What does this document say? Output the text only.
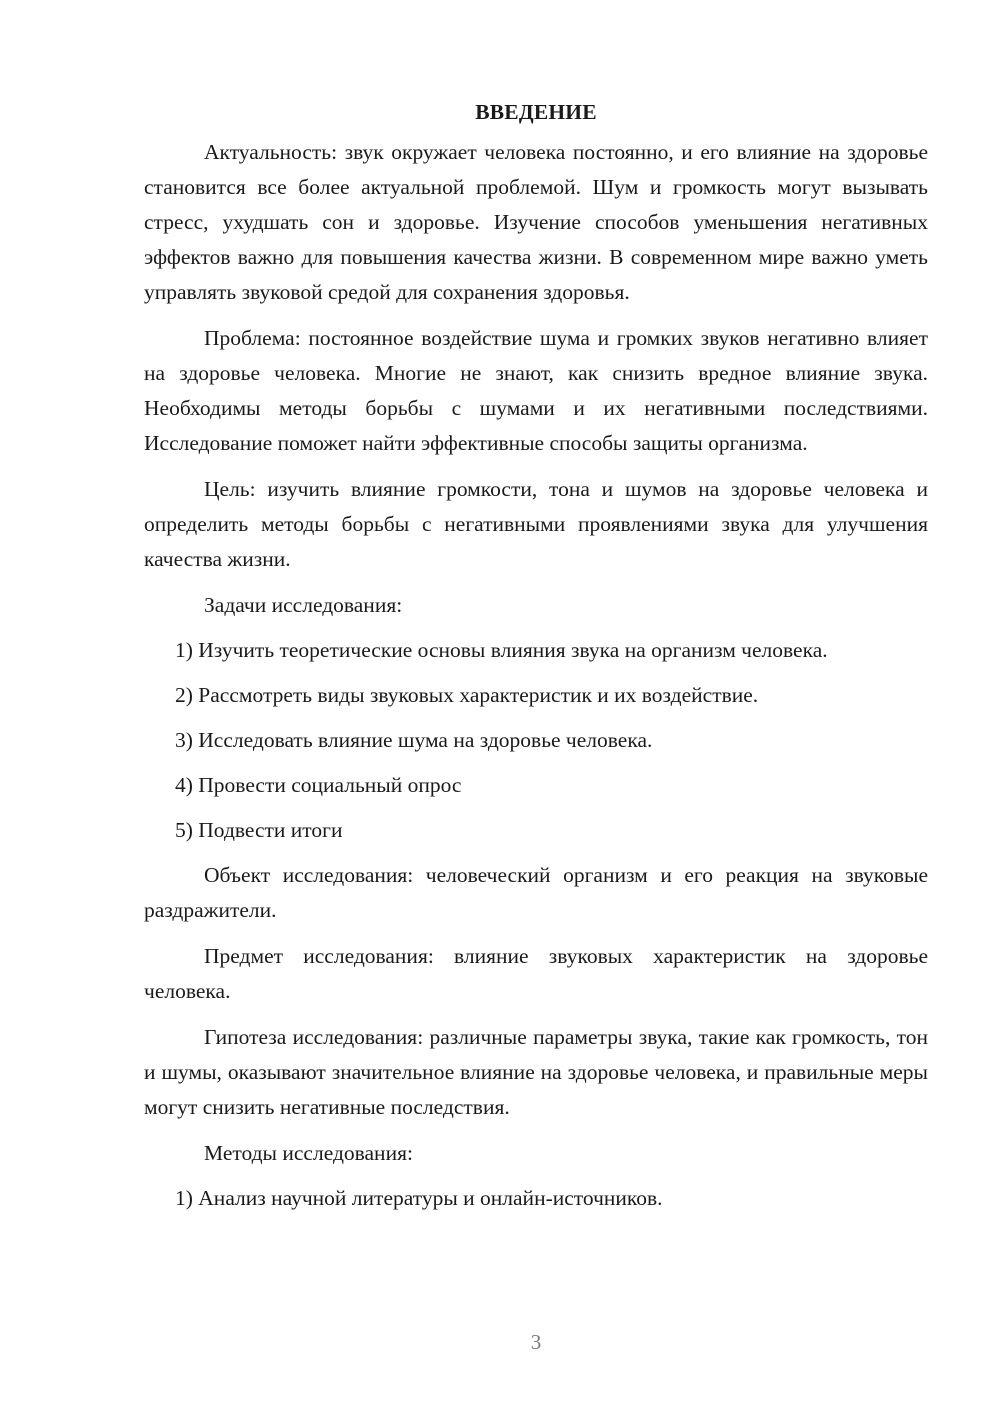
ВВЕДЕНИЕ

Актуальность: звук окружает человека постоянно, и его влияние на здоровье становится все более актуальной проблемой. Шум и громкость могут вызывать стресс, ухудшать сон и здоровье. Изучение способов уменьшения негативных эффектов важно для повышения качества жизни. В современном мире важно уметь управлять звуковой средой для сохранения здоровья.

Проблема: постоянное воздействие шума и громких звуков негативно влияет на здоровье человека. Многие не знают, как снизить вредное влияние звука. Необходимы методы борьбы с шумами и их негативными последствиями. Исследование поможет найти эффективные способы защиты организма.

Цель: изучить влияние громкости, тона и шумов на здоровье человека и определить методы борьбы с негативными проявлениями звука для улучшения качества жизни.

Задачи исследования:

1) Изучить теоретические основы влияния звука на организм человека.

2) Рассмотреть виды звуковых характеристик и их воздействие.

3) Исследовать влияние шума на здоровье человека.

4) Провести социальный опрос

5) Подвести итоги

Объект исследования: человеческий организм и его реакция на звуковые раздражители.

Предмет исследования: влияние звуковых характеристик на здоровье человека.

Гипотеза исследования: различные параметры звука, такие как громкость, тон и шумы, оказывают значительное влияние на здоровье человека, и правильные меры могут снизить негативные последствия.

Методы исследования:

1) Анализ научной литературы и онлайн-источников.

3
